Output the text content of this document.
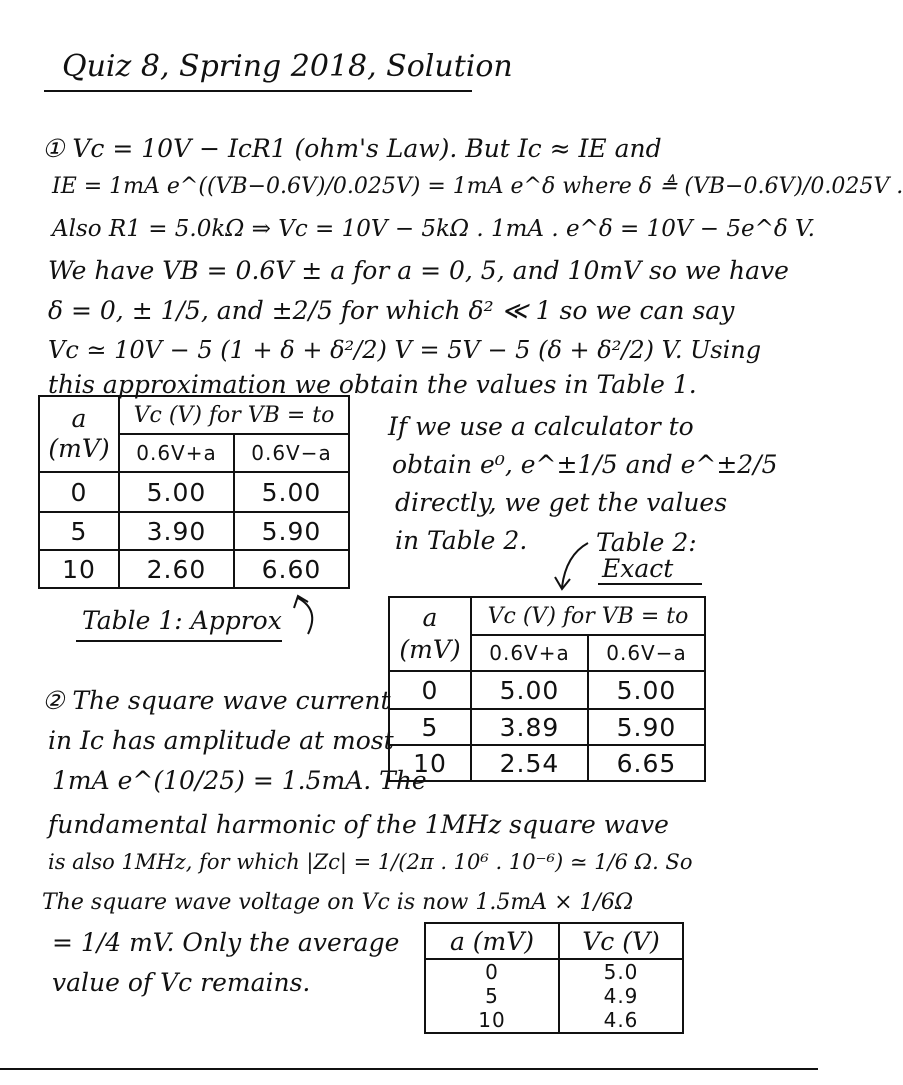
Quiz 8, Spring 2018, Solution
① Vc = 10V − IcR1 (ohm's Law). But Ic ≈ IE and
IE = 1mA e^((VB−0.6V)/0.025V) = 1mA e^δ where δ ≜ (VB−0.6V)/0.025V .
Also R1 = 5.0kΩ ⇒ Vc = 10V − 5kΩ . 1mA . e^δ = 10V − 5e^δ V.
We have VB = 0.6V ± a for a = 0, 5, and 10mV so we have
δ = 0, ± 1/5, and ±2/5 for which δ² ≪ 1 so we can say
Vc ≃ 10V − 5 (1 + δ + δ²/2) V = 5V − 5 (δ + δ²/2) V. Using
this approximation we obtain the values in Table 1.
If we use a calculator to
obtain e⁰, e^±1/5 and e^±2/5
directly, we get the values
in Table 2.	Table 2:
Exact
a
(mV)	Vc (V) for VB = to	
	0.6V+a	0.6V−a
0	5.00	5.00
5	3.90	5.90
10	2.60	6.60
Table 1: Approx	a
(mV)	Vc (V) for VB = to	
	0.6V+a	0.6V−a
0	5.00	5.00
5	3.89	5.90
10	2.54	6.65
② The square wave current
in Ic has amplitude at most
1mA e^(10/25) = 1.5mA. The
fundamental harmonic of the 1MHz square wave
is also 1MHz, for which |Zc| = 1/(2π . 10⁶ . 10⁻⁶) ≃ 1/6 Ω. So
The square wave voltage on Vc is now 1.5mA × 1/6Ω
= 1/4 mV. Only the average
value of Vc remains.
a (mV)	Vc (V)
0	5.0
5	4.9
10	4.6
